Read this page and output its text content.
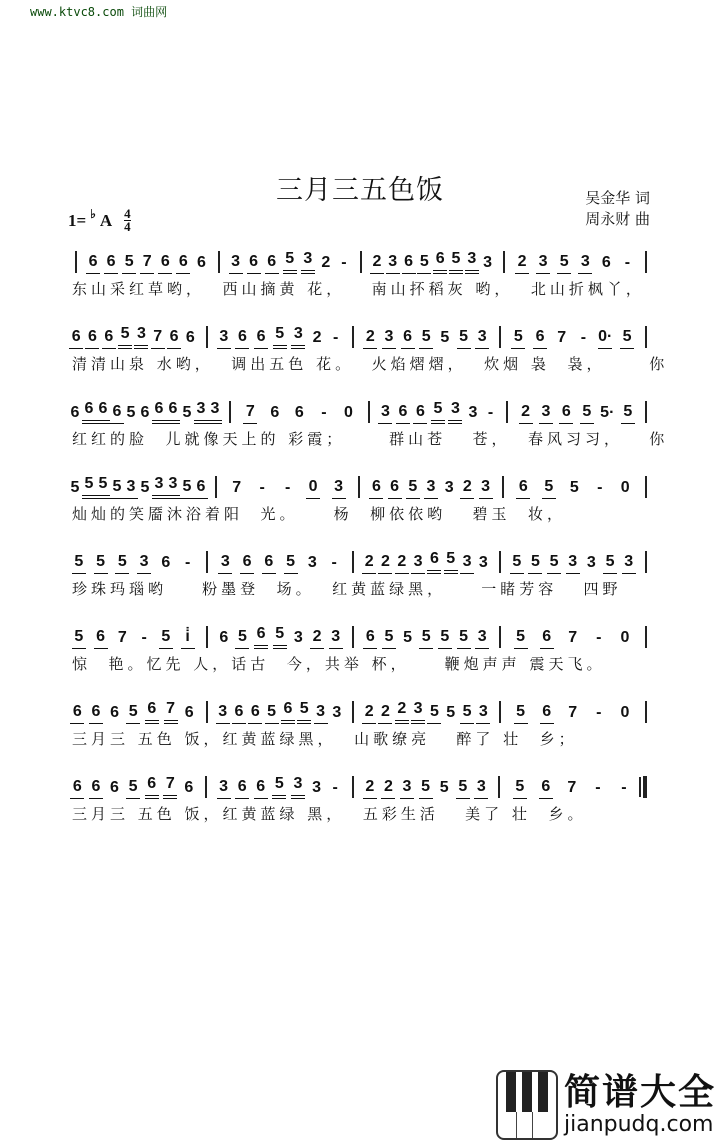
www.ktvc8.com 词曲网
三月三五色饭	吴金华 词
周永财 曲
1= ♭ A 4
4
6 6 5 7 6 6 6 3 6 6 5 3 2 - 2 3 6 5 6 5 3 3 2 3 5 3 6 -
东山采红草哟，  西山摘黄 花，   南山抔稻灰 哟，  北山折枫丫，
6 6 6 5 3 7 6 6 3 6 6 5 3 2 - 2 3 6 5 5 5 3 5 6 7 - 0· 5
清清山泉 水哟，  调出五色 花。  火焰熠熠，  炊烟 袅  袅，     你
6 6 6 6 5 6 6 6 5 3 3 7 6 6 - 0 3 6 6 5 3 3 - 2 3 6 5 5· 5
红红的脸  儿就像天上的 彩霞；     群山苍   苍，  春风习习，   你
5 5 5 5 3 5 3 3 5 6 7 - - 0 3 6 6 5 3 3 2 3 6 5 5 - 0
灿灿的笑靥沐浴着阳  光。    杨  柳依依哟   碧玉  妆，
5 5 5 3 6 - 3 6 6 5 3 - 2 2 2 3 6 5 3 3 5 5 5 3 3 5 3
珍珠玛瑙哟    粉墨登  场。  红黄蓝绿黑，    一睹芳容   四野
5 6 7 - 5 i̇ 6 5 6 5 3 2 3 6 5 5 5 5 5 3 5 6 7 - 0
惊  艳。忆先 人，话古  今，共举 杯，    鞭炮声声 震天飞。
6 6 6 5 6 7 6 3 6 6 5 6 5 3 3 2 2 2 3 5 5 5 3 5 6 7 - 0
三月三 五色 饭，红黄蓝绿黑，  山歌缭亮   醉了 壮  乡；
6 6 6 5 6 7 6 3 6 6 5 3 3 - 2 2 3 5 5 5 3 5 6 7 - -
三月三 五色 饭，红黄蓝绿 黑，  五彩生活   美了 壮  乡。
简谱大全
jianpudq.com
